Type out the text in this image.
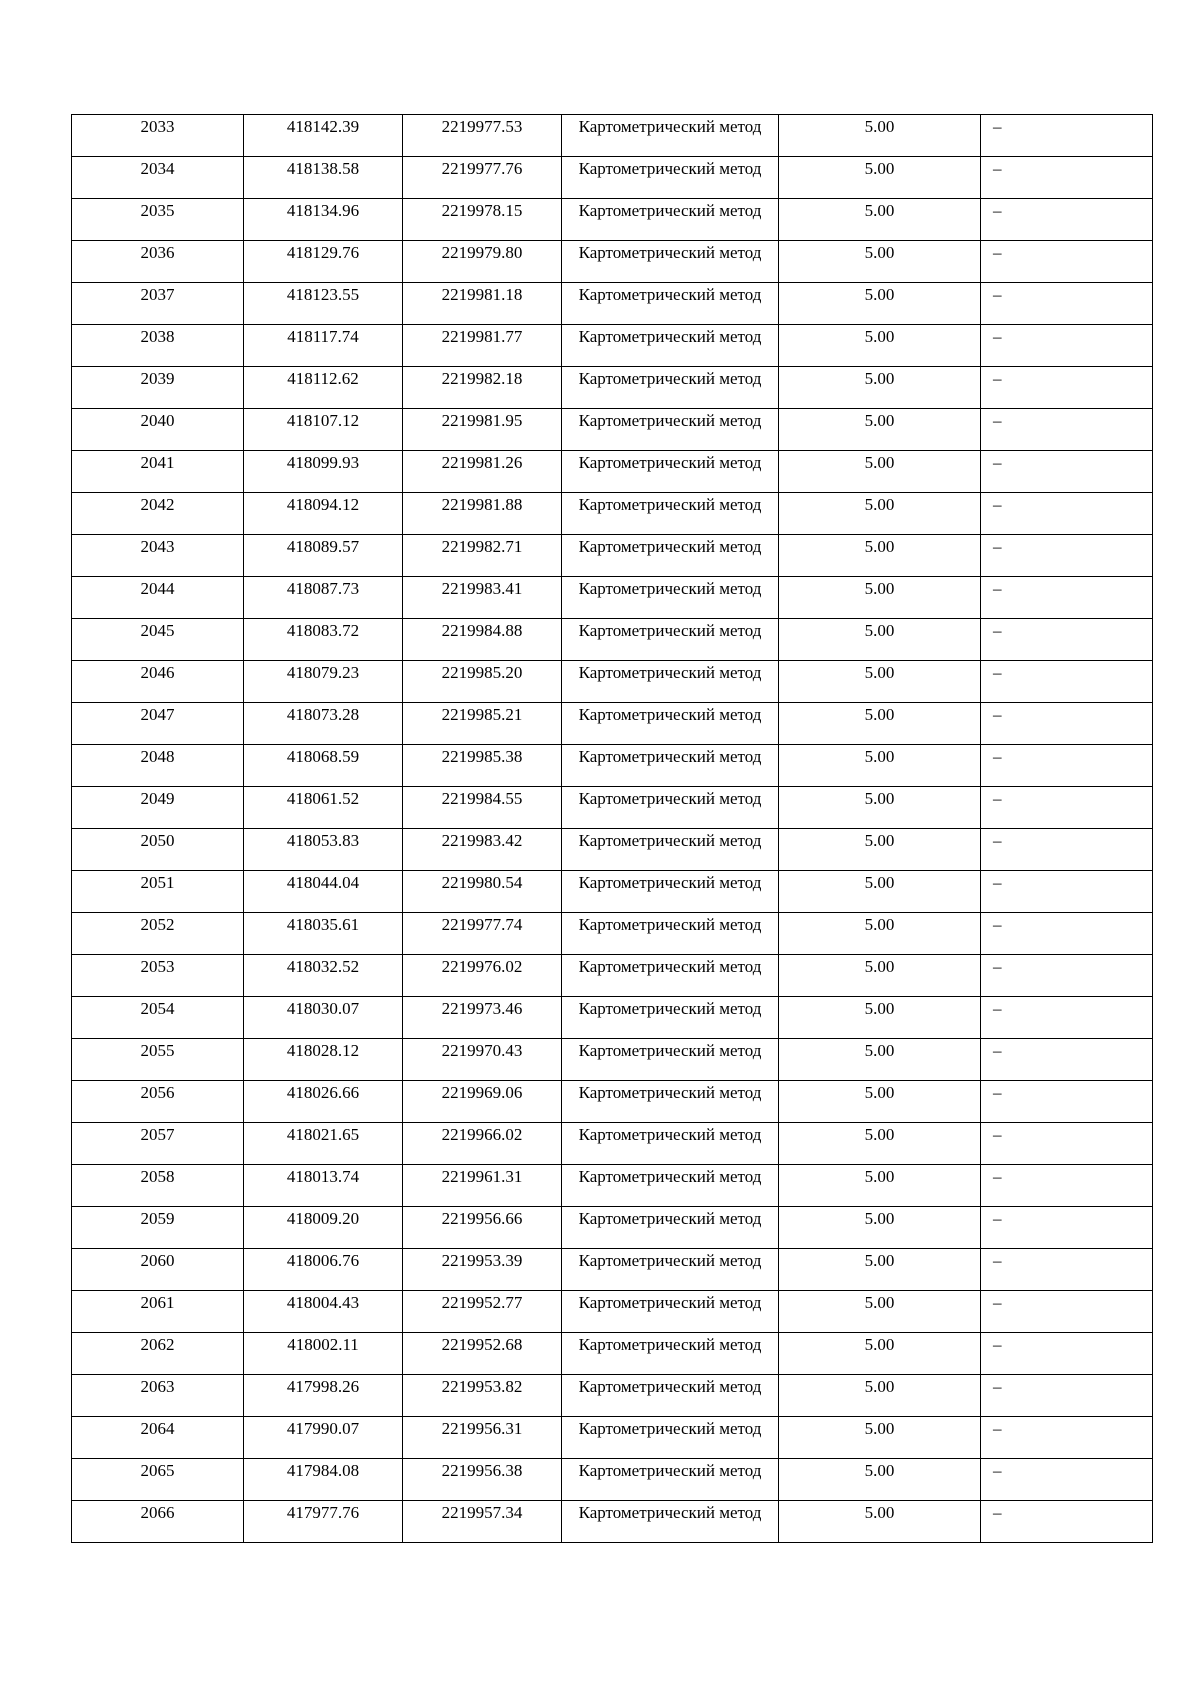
2033	418142.39	2219977.53	Картометрический метод	5.00	–
2034	418138.58	2219977.76	Картометрический метод	5.00	–
2035	418134.96	2219978.15	Картометрический метод	5.00	–
2036	418129.76	2219979.80	Картометрический метод	5.00	–
2037	418123.55	2219981.18	Картометрический метод	5.00	–
2038	418117.74	2219981.77	Картометрический метод	5.00	–
2039	418112.62	2219982.18	Картометрический метод	5.00	–
2040	418107.12	2219981.95	Картометрический метод	5.00	–
2041	418099.93	2219981.26	Картометрический метод	5.00	–
2042	418094.12	2219981.88	Картометрический метод	5.00	–
2043	418089.57	2219982.71	Картометрический метод	5.00	–
2044	418087.73	2219983.41	Картометрический метод	5.00	–
2045	418083.72	2219984.88	Картометрический метод	5.00	–
2046	418079.23	2219985.20	Картометрический метод	5.00	–
2047	418073.28	2219985.21	Картометрический метод	5.00	–
2048	418068.59	2219985.38	Картометрический метод	5.00	–
2049	418061.52	2219984.55	Картометрический метод	5.00	–
2050	418053.83	2219983.42	Картометрический метод	5.00	–
2051	418044.04	2219980.54	Картометрический метод	5.00	–
2052	418035.61	2219977.74	Картометрический метод	5.00	–
2053	418032.52	2219976.02	Картометрический метод	5.00	–
2054	418030.07	2219973.46	Картометрический метод	5.00	–
2055	418028.12	2219970.43	Картометрический метод	5.00	–
2056	418026.66	2219969.06	Картометрический метод	5.00	–
2057	418021.65	2219966.02	Картометрический метод	5.00	–
2058	418013.74	2219961.31	Картометрический метод	5.00	–
2059	418009.20	2219956.66	Картометрический метод	5.00	–
2060	418006.76	2219953.39	Картометрический метод	5.00	–
2061	418004.43	2219952.77	Картометрический метод	5.00	–
2062	418002.11	2219952.68	Картометрический метод	5.00	–
2063	417998.26	2219953.82	Картометрический метод	5.00	–
2064	417990.07	2219956.31	Картометрический метод	5.00	–
2065	417984.08	2219956.38	Картометрический метод	5.00	–
2066	417977.76	2219957.34	Картометрический метод	5.00	–
